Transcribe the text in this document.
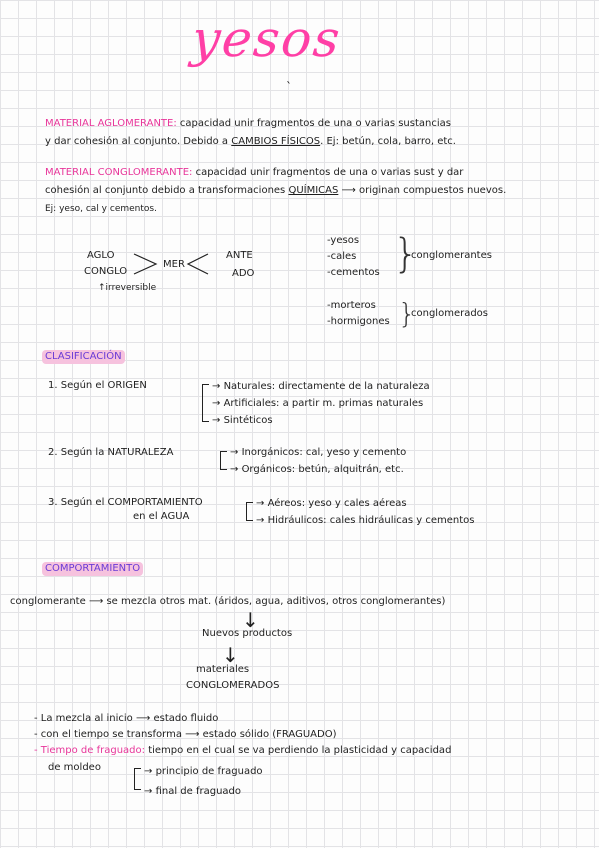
yesos
ˋ
MATERIAL AGLOMERANTE: capacidad unir fragmentos de una o varias sustancias
y dar cohesión al conjunto. Debido a CAMBIOS FÍSICOS. Ej: betún, cola, barro, etc.
MATERIAL CONGLOMERANTE: capacidad unir fragmentos de una o varias sust y dar
cohesión al conjunto debido a transformaciones QUÍMICAS ⟶ originan compuestos nuevos.
Ej: yeso, cal y cementos.
AGLO
CONGLO
MER
ANTE
ADO
↑irreversible
-yesos
-cales
-cementos }
conglomerantes
-morteros
-hormigones }
conglomerados
CLASIFICACIÓN
1. Según el ORIGEN	→ Naturales: directamente de la naturaleza
→ Artificiales: a partir m. primas naturales
→ Sintéticos
2. Según la NATURALEZA	→ Inorgánicos: cal, yeso y cemento
→ Orgánicos: betún, alquitrán, etc.
3. Según el COMPORTAMIENTO
en el AGUA
→ Aéreos: yeso y cales aéreas
→ Hidráulicos: cales hidráulicas y cementos
COMPORTAMIENTO
conglomerante ⟶ se mezcla otros mat. (áridos, agua, aditivos, otros conglomerantes)
↓
Nuevos productos
↓
materiales
CONGLOMERADOS
- La mezcla al inicio ⟶ estado fluido
- con el tiempo se transforma ⟶ estado sólido (FRAGUADO)
- Tiempo de fraguado: tiempo en el cual se va perdiendo la plasticidad y capacidad
de moldeo	→ principio de fraguado
→ final de fraguado
